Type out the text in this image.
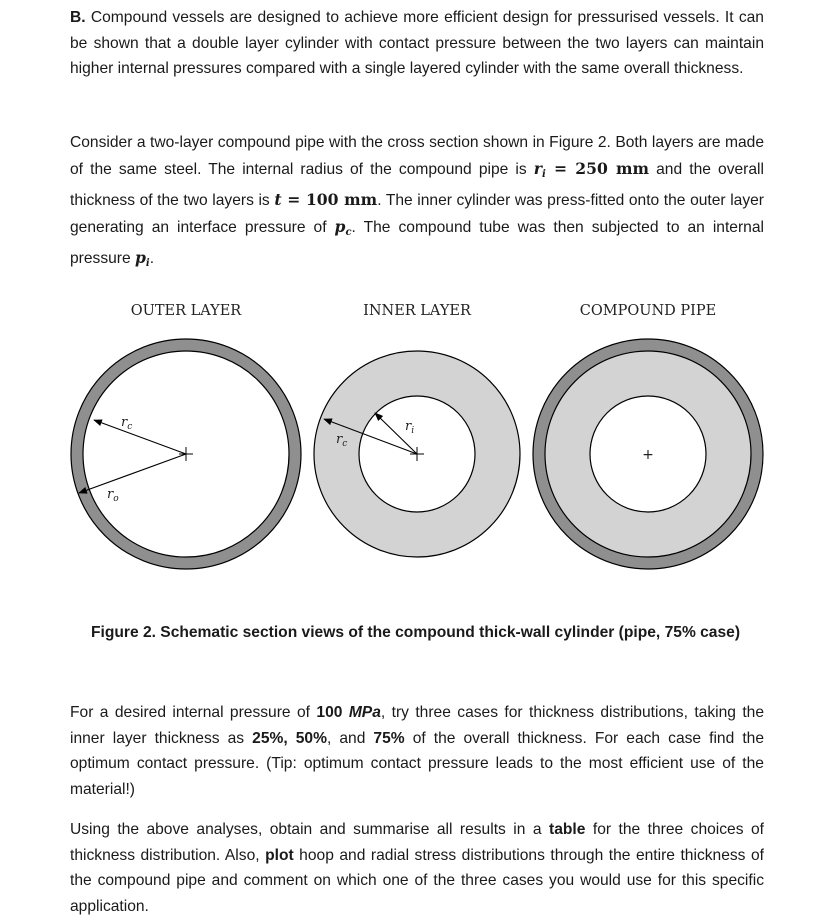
B. Compound vessels are designed to achieve more efficient design for pressurised vessels. It can be shown that a double layer cylinder with contact pressure between the two layers can maintain higher internal pressures compared with a single layered cylinder with the same overall thickness.

Consider a two-layer compound pipe with the cross section shown in Figure 2. Both layers are made of the same steel. The internal radius of the compound pipe is $r_i = 250$ mm and the overall thickness of the two layers is t = 100 mm. The inner cylinder was press-fitted onto the outer layer generating an interface pressure of $p_c$. The compound tube was then subjected to an internal pressure $p_i$.

OUTER LAYER	INNER LAYER	COMPOUND PIPE
$r_c$
$r_o$
$r_c$
$r_i$
+

Figure 2. Schematic section views of the compound thick-wall cylinder (pipe, 75% case)

For a desired internal pressure of 100 MPa, try three cases for thickness distributions, taking the inner layer thickness as 25%, 50%, and 75% of the overall thickness. For each case find the optimum contact pressure. (Tip: optimum contact pressure leads to the most efficient use of the material!)

Using the above analyses, obtain and summarise all results in a table for the three choices of thickness distribution. Also, plot hoop and radial stress distributions through the entire thickness of the compound pipe and comment on which one of the three cases you would use for this specific application.
